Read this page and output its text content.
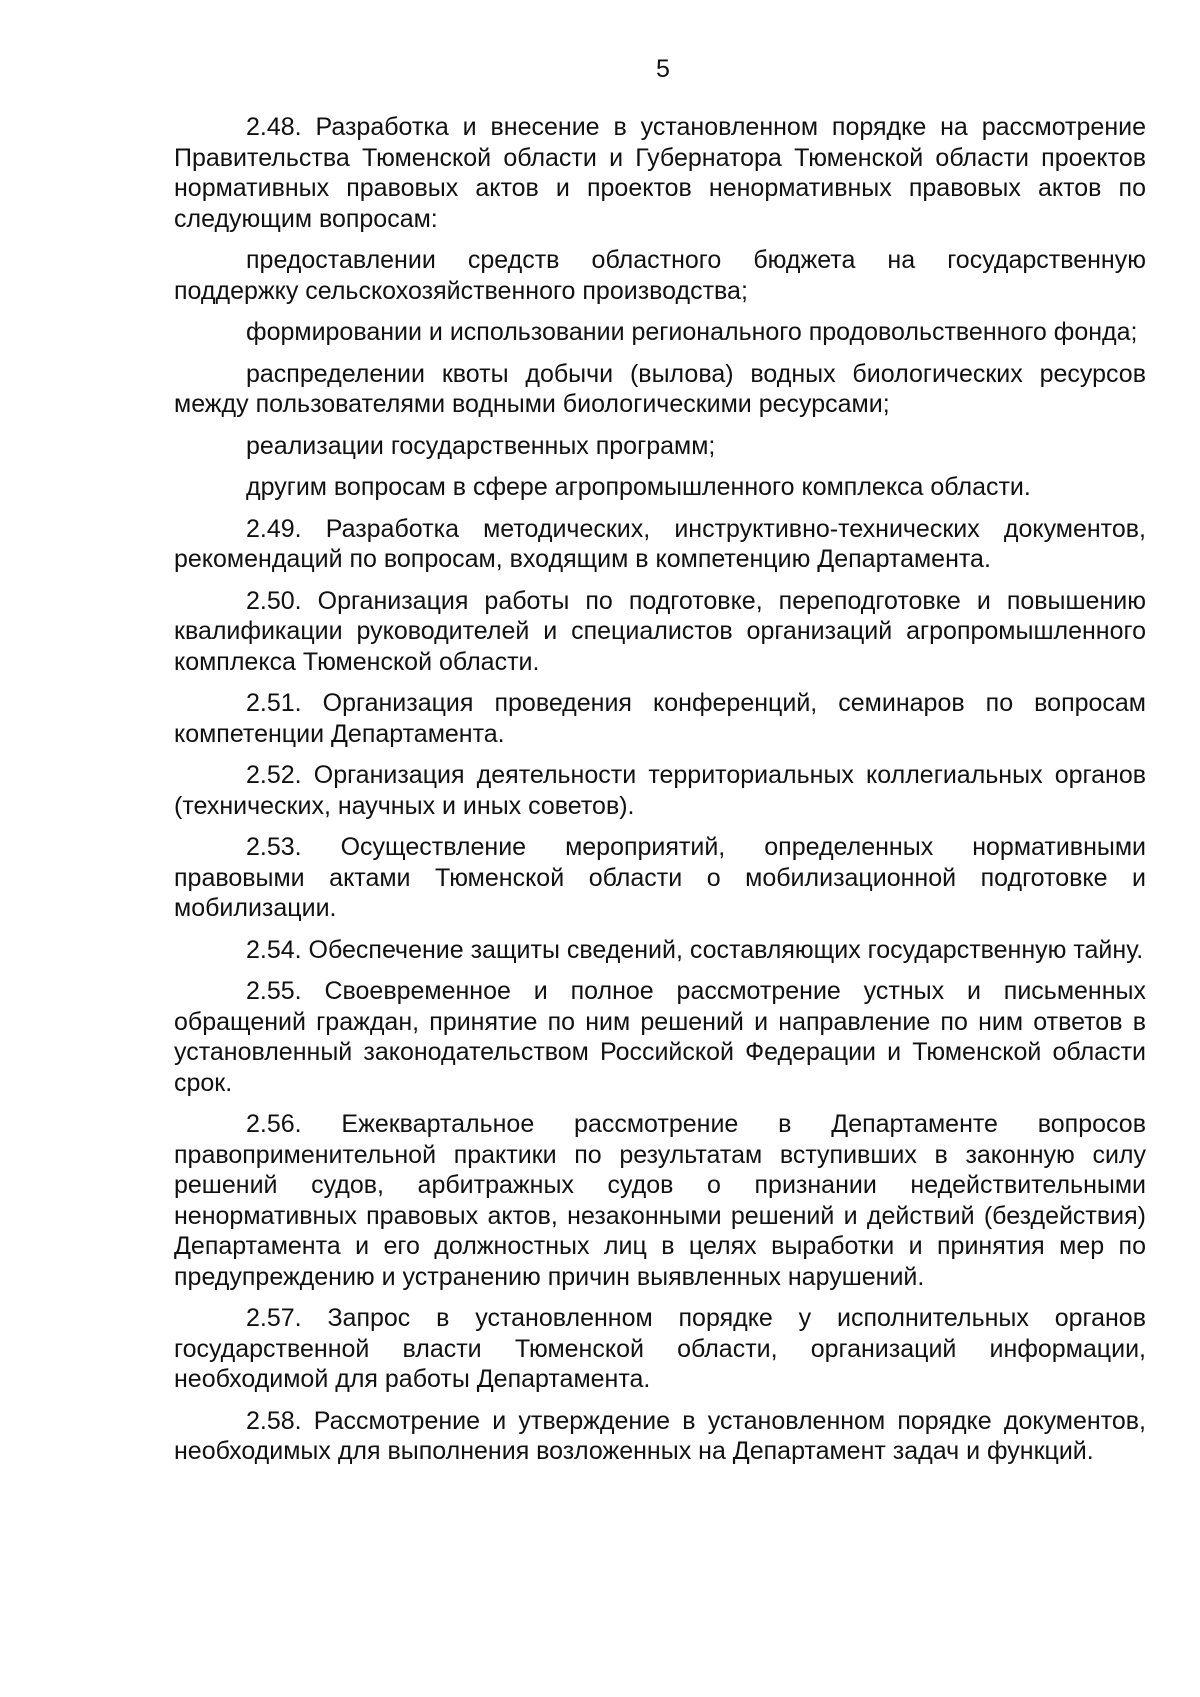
5

2.48. Разработка и внесение в установленном порядке на рассмотрение Правительства Тюменской области и Губернатора Тюменской области проектов нормативных правовых актов и проектов ненормативных правовых актов по следующим вопросам:

предоставлении средств областного бюджета на государственную поддержку сельскохозяйственного производства;

формировании и использовании регионального продовольственного фонда;

распределении квоты добычи (вылова) водных биологических ресурсов между пользователями водными биологическими ресурсами;

реализации государственных программ;

другим вопросам в сфере агропромышленного комплекса области.

2.49. Разработка методических, инструктивно-технических документов, рекомендаций по вопросам, входящим в компетенцию Департамента.

2.50. Организация работы по подготовке, переподготовке и повышению квалификации руководителей и специалистов организаций агропромышленного комплекса Тюменской области.

2.51. Организация проведения конференций, семинаров по вопросам компетенции Департамента.

2.52. Организация деятельности территориальных коллегиальных органов (технических, научных и иных советов).

2.53. Осуществление мероприятий, определенных нормативными правовыми актами Тюменской области о мобилизационной подготовке и мобилизации.

2.54. Обеспечение защиты сведений, составляющих государственную тайну.

2.55. Своевременное и полное рассмотрение устных и письменных обращений граждан, принятие по ним решений и направление по ним ответов в установленный законодательством Российской Федерации и Тюменской области срок.

2.56. Ежеквартальное рассмотрение в Департаменте вопросов правоприменительной практики по результатам вступивших в законную силу решений судов, арбитражных судов о признании недействительными ненормативных правовых актов, незаконными решений и действий (бездействия) Департамента и его должностных лиц в целях выработки и принятия мер по предупреждению и устранению причин выявленных нарушений.

2.57. Запрос в установленном порядке у исполнительных органов государственной власти Тюменской области, организаций информации, необходимой для работы Департамента.

2.58. Рассмотрение и утверждение в установленном порядке документов, необходимых для выполнения возложенных на Департамент задач и функций.
